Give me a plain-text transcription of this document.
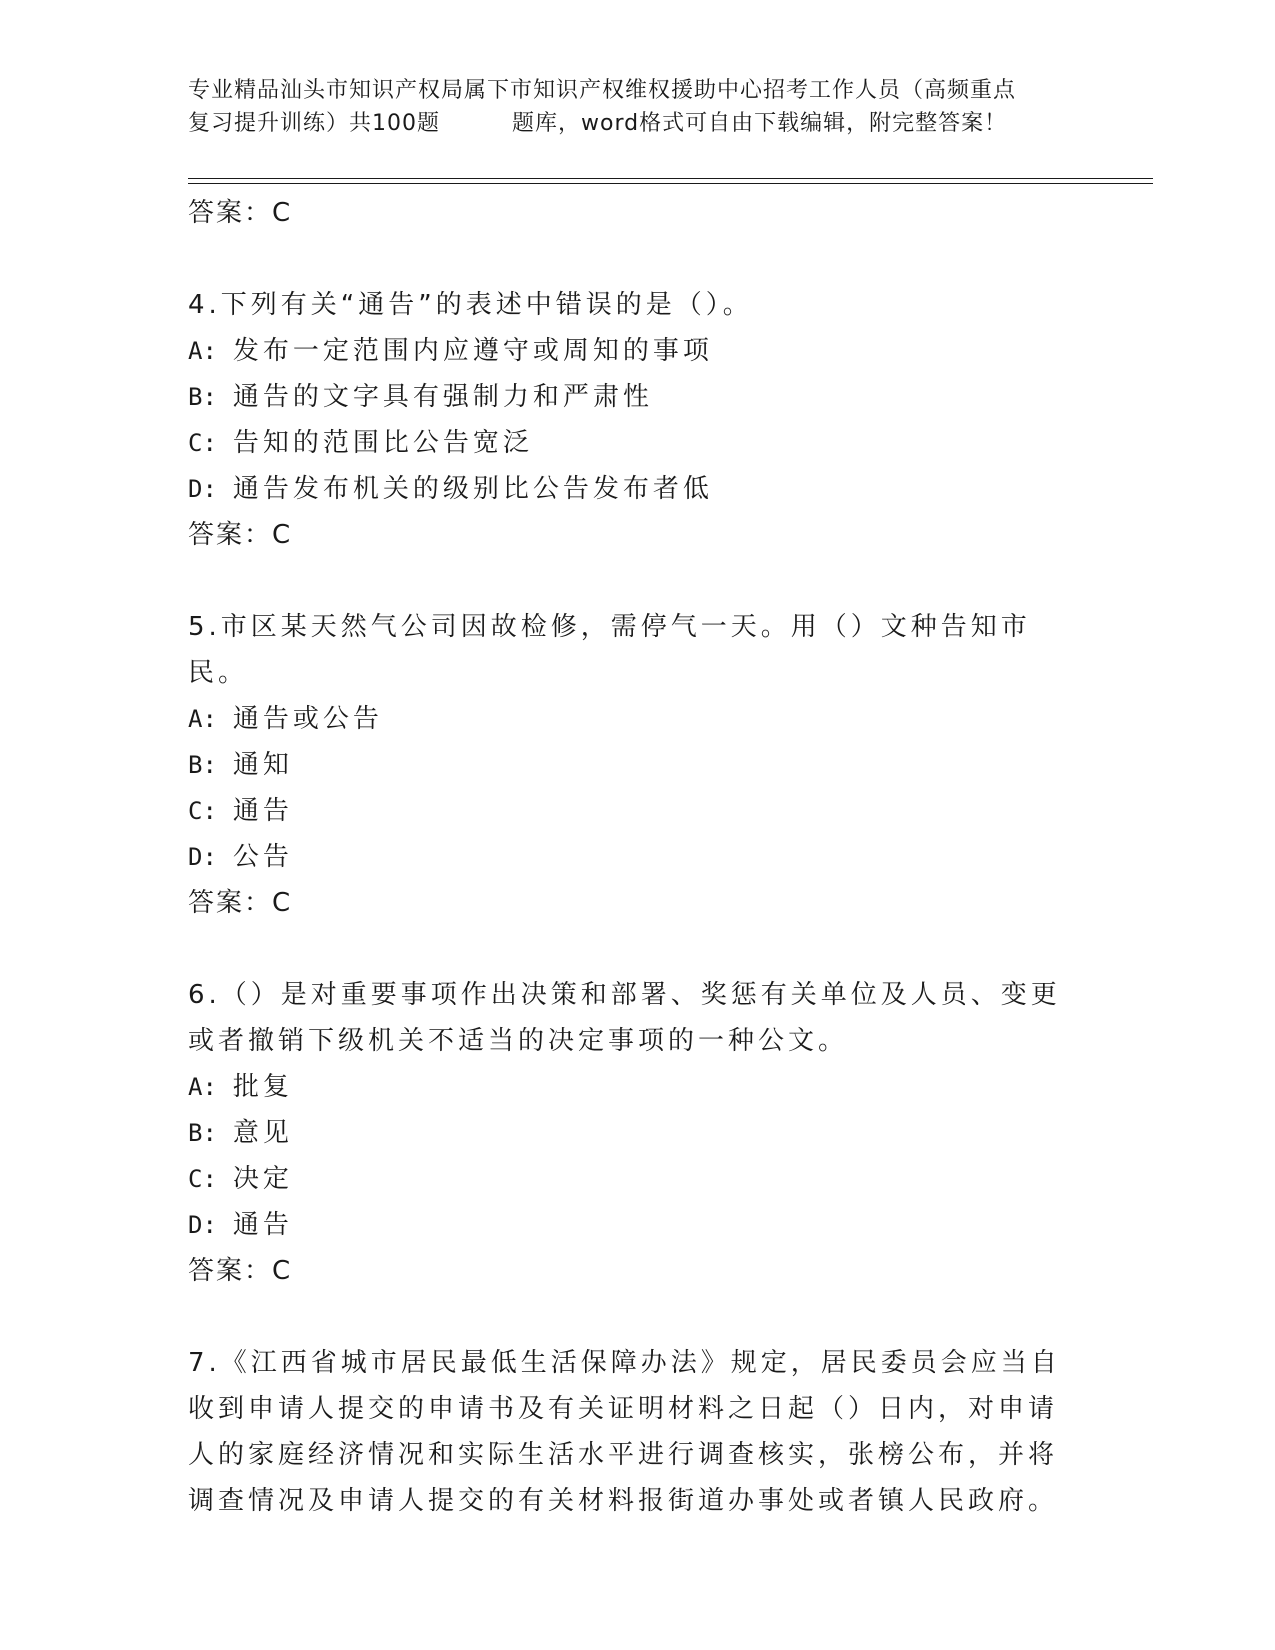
专业精品汕头市知识产权局属下市知识产权维权援助中心招考工作人员（高频重点
复习提升训练）共100题	题库，word格式可自由下载编辑，附完整答案！
答案：C
4.下列有关“通告”的表述中错误的是（）。
A: 发布一定范围内应遵守或周知的事项
B: 通告的文字具有强制力和严肃性
C: 告知的范围比公告宽泛
D: 通告发布机关的级别比公告发布者低
答案：C
5.市区某天然气公司因故检修，需停气一天。用（）文种告知市民。
A: 通告或公告
B: 通知
C: 通告
D: 公告
答案：C
6.（）是对重要事项作出决策和部署、奖惩有关单位及人员、变更或者撤销下级机关不适当的决定事项的一种公文。
A: 批复
B: 意见
C: 决定
D: 通告
答案：C
7.《江西省城市居民最低生活保障办法》规定，居民委员会应当自收到申请人提交的申请书及有关证明材料之日起（）日内，对申请人的家庭经济情况和实际生活水平进行调查核实，张榜公布，并将调查情况及申请人提交的有关材料报街道办事处或者镇人民政府。
